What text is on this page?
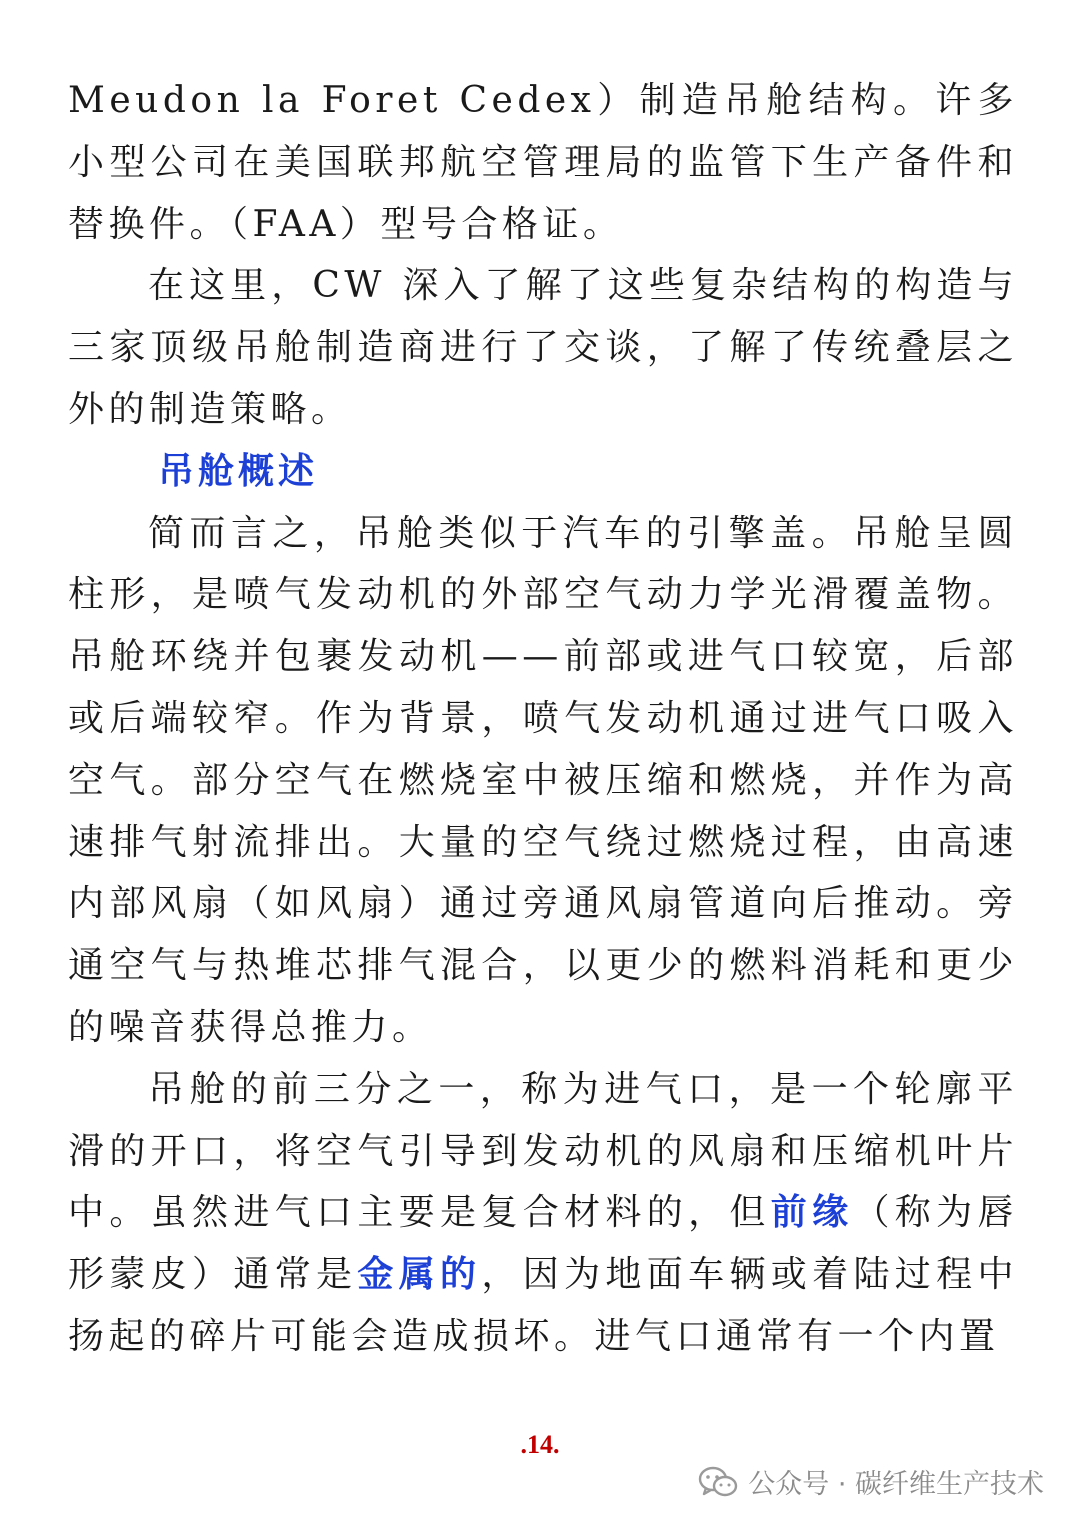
Meudon la Foret Cedex）制造吊舱结构。许多小型公司在美国联邦航空管理局的监管下生产备件和替换件。（FAA）型号合格证。

在这里，CW 深入了解了这些复杂结构的构造与三家顶级吊舱制造商进行了交谈，了解了传统叠层之外的制造策略。

吊舱概述

简而言之，吊舱类似于汽车的引擎盖。吊舱呈圆柱形，是喷气发动机的外部空气动力学光滑覆盖物。吊舱环绕并包裹发动机——前部或进气口较宽，后部或后端较窄。作为背景，喷气发动机通过进气口吸入空气。部分空气在燃烧室中被压缩和燃烧，并作为高速排气射流排出。大量的空气绕过燃烧过程，由高速内部风扇（如风扇）通过旁通风扇管道向后推动。旁通空气与热堆芯排气混合，以更少的燃料消耗和更少的噪音获得总推力。

吊舱的前三分之一，称为进气口，是一个轮廓平滑的开口，将空气引导到发动机的风扇和压缩机叶片中。虽然进气口主要是复合材料的，但前缘（称为唇形蒙皮）通常是金属的，因为地面车辆或着陆过程中扬起的碎片可能会造成损坏。进气口通常有一个内置

.14.
公众号 · 碳纤维生产技术
